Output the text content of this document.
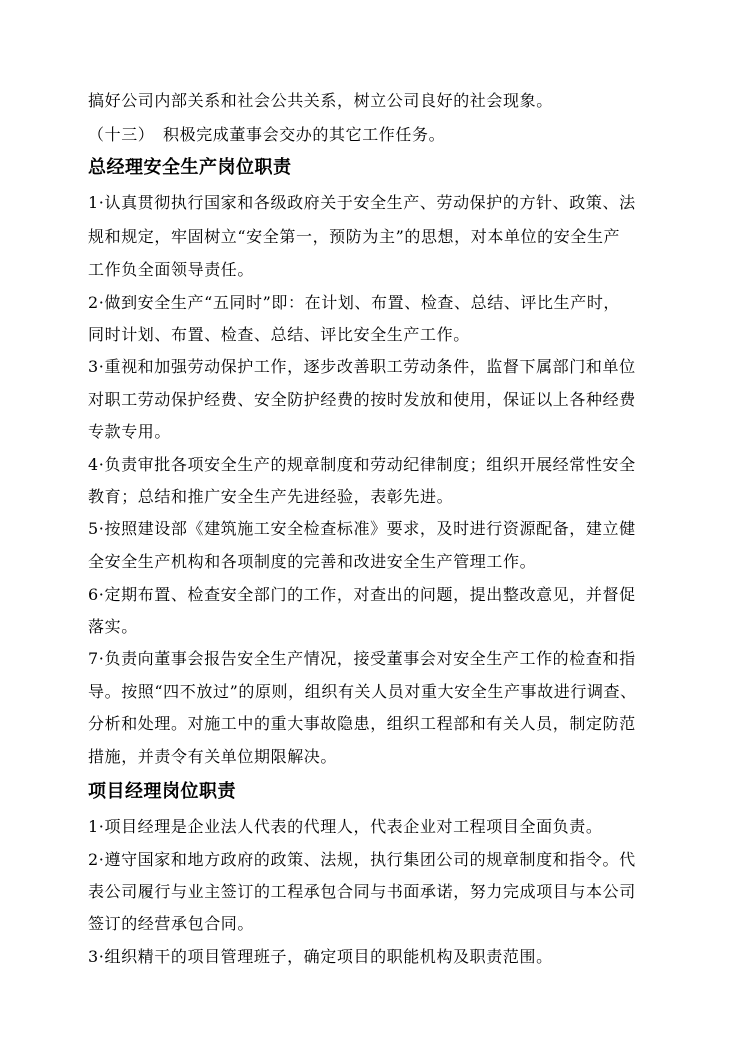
搞好公司内部关系和社会公共关系，树立公司良好的社会现象。
（十三）　积极完成董事会交办的其它工作任务。
总经理安全生产岗位职责
1·认真贯彻执行国家和各级政府关于安全生产、劳动保护的方针、政策、法
规和规定，牢固树立“安全第一，预防为主”的思想，对本单位的安全生产
工作负全面领导责任。
2·做到安全生产“五同时”即：在计划、布置、检查、总结、评比生产时，
同时计划、布置、检查、总结、评比安全生产工作。
3·重视和加强劳动保护工作，逐步改善职工劳动条件，监督下属部门和单位
对职工劳动保护经费、安全防护经费的按时发放和使用，保证以上各种经费
专款专用。
4·负责审批各项安全生产的规章制度和劳动纪律制度；组织开展经常性安全
教育；总结和推广安全生产先进经验，表彰先进。
5·按照建设部《建筑施工安全检查标准》要求，及时进行资源配备，建立健
全安全生产机构和各项制度的完善和改进安全生产管理工作。
6·定期布置、检查安全部门的工作，对查出的问题，提出整改意见，并督促
落实。
7·负责向董事会报告安全生产情况，接受董事会对安全生产工作的检查和指
导。按照“四不放过”的原则，组织有关人员对重大安全生产事故进行调查、
分析和处理。对施工中的重大事故隐患，组织工程部和有关人员，制定防范
措施，并责令有关单位期限解决。
项目经理岗位职责
1·项目经理是企业法人代表的代理人，代表企业对工程项目全面负责。
2·遵守国家和地方政府的政策、法规，执行集团公司的规章制度和指令。代
表公司履行与业主签订的工程承包合同与书面承诺，努力完成项目与本公司
签订的经营承包合同。
3·组织精干的项目管理班子，确定项目的职能机构及职责范围。
